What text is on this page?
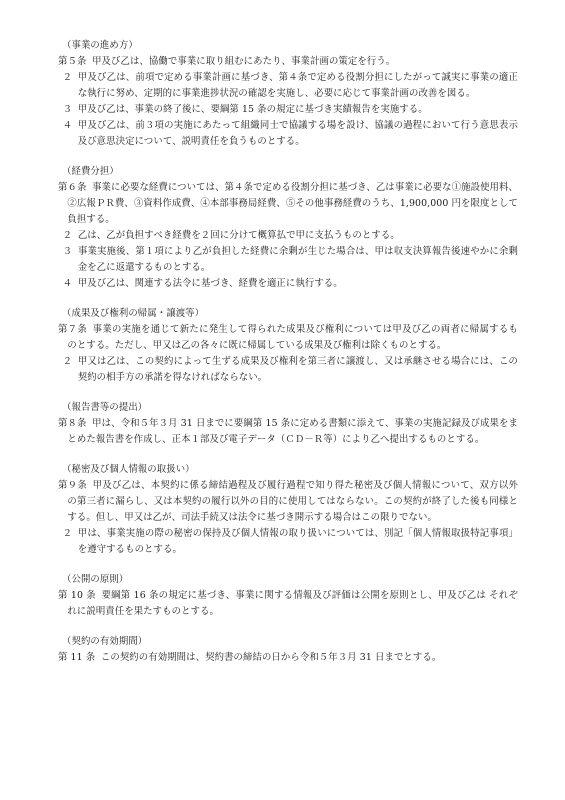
（事業の進め方）
第５条 甲及び乙は、協働で事業に取り組むにあたり、事業計画の策定を行う。
２ 甲及び乙は、前項で定める事業計画に基づき、第４条で定める役割分担にしたがって誠実に事業の適正な執行に努め、定期的に事業進捗状況の確認を実施し、必要に応じて事業計画の改善を図る。
３ 甲及び乙は、事業の終了後に、要綱第 15 条の規定に基づき実績報告を実施する。
４ 甲及び乙は、前３項の実施にあたって組織同士で協議する場を設け、協議の過程において行う意思表示及び意思決定について、説明責任を負うものとする。
（経費分担）
第６条 事業に必要な経費については、第４条で定める役割分担に基づき、乙は事業に必要な①施設使用料、②広報ＰＲ費、③資料作成費、④本部事務局経費、⑤その他事務経費のうち、1,900,000 円を限度として負担する。
２ 乙は、乙が負担すべき経費を２回に分けて概算払で甲に支払うものとする。
３ 事業実施後、第１項により乙が負担した経費に余剰が生じた場合は、甲は収支決算報告後速やかに余剰金を乙に返還するものとする。
４ 甲及び乙は、関連する法令に基づき、経費を適正に執行する。
（成果及び権利の帰属・譲渡等）
第７条 事業の実施を通じて新たに発生して得られた成果及び権利については甲及び乙の両者に帰属するものとする。ただし、甲又は乙の各々に既に帰属している成果及び権利は除くものとする。
２ 甲又は乙は、この契約によって生ずる成果及び権利を第三者に譲渡し、又は承継させる場合には、この契約の相手方の承諾を得なければならない。
（報告書等の提出）
第８条 甲は、令和５年３月 31 日までに要綱第 15 条に定める書類に添えて、事業の実施記録及び成果をまとめた報告書を作成し、正本１部及び電子データ（ＣＤ－Ｒ等）により乙へ提出するものとする。
（秘密及び個人情報の取扱い）
第９条 甲及び乙は、本契約に係る締結過程及び履行過程で知り得た秘密及び個人情報について、双方以外の第三者に漏らし、又は本契約の履行以外の目的に使用してはならない。この契約が終了した後も同様とする。但し、甲又は乙が、司法手続又は法令に基づき開示する場合はこの限りでない。
２ 甲は、事業実施の際の秘密の保持及び個人情報の取り扱いについては、別記「個人情報取扱特記事項」を遵守するものとする。
（公開の原則）
第 10 条 要綱第 16 条の規定に基づき、事業に関する情報及び評価は公開を原則とし、甲及び乙は それぞれに説明責任を果たすものとする。
（契約の有効期間）
第 11 条 この契約の有効期間は、契約書の締結の日から令和５年３月 31 日までとする。
